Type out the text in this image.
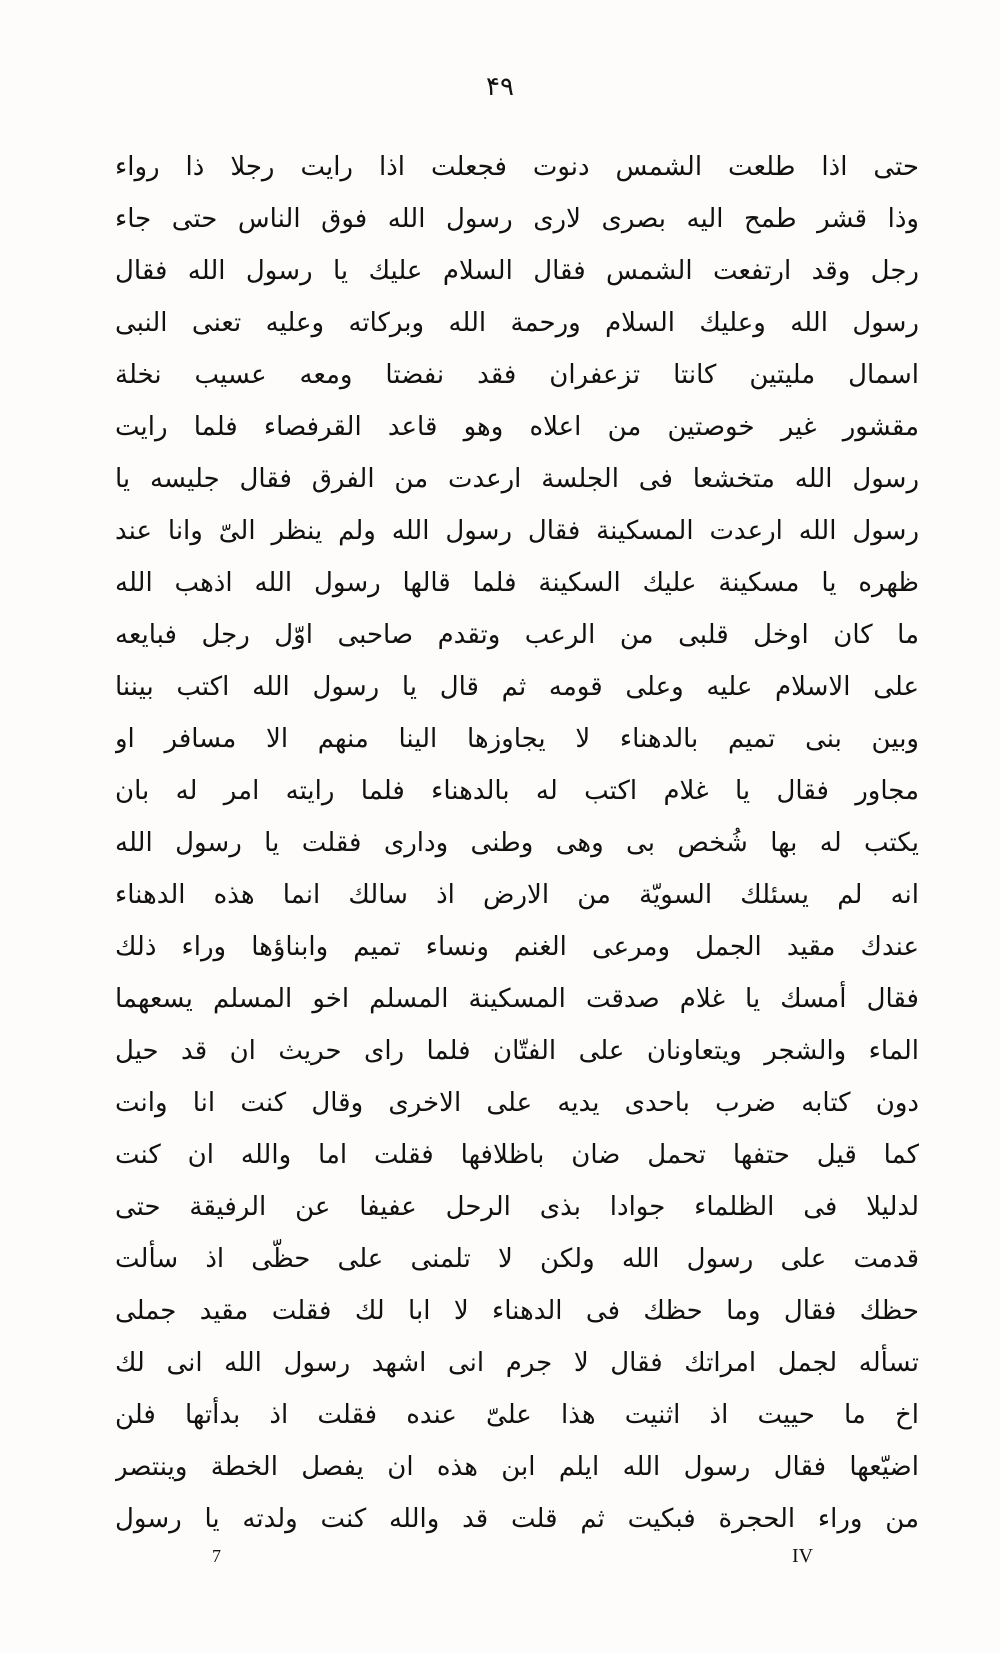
۴۹
حتى اذا طلعت الشمس دنوت فجعلت اذا رايت رجلا ذا رواء
وذا قشر طمح اليه بصرى لارى رسول الله فوق الناس حتى جاء
رجل وقد ارتفعت الشمس فقال السلام عليك يا رسول الله فقال
رسول الله وعليك السلام ورحمة الله وبركاته وعليه تعنى النبى
اسمال مليتين كانتا تزعفران فقد نفضتا ومعه عسيب نخلة
مقشور غير خوصتين من اعلاه وهو قاعد القرفصاء فلما رايت
رسول الله متخشعا فى الجلسة ارعدت من الفرق فقال جليسه يا
رسول الله ارعدت المسكينة فقال رسول الله ولم ينظر الىّ وانا عند
ظهره يا مسكينة عليك السكينة فلما قالها رسول الله اذهب الله
ما كان اوخل قلبى من الرعب وتقدم صاحبى اوّل رجل فبايعه
على الاسلام عليه وعلى قومه ثم قال يا رسول الله اكتب بيننا
وبين بنى تميم بالدهناء لا يجاوزها الينا منهم الا مسافر او
مجاور فقال يا غلام اكتب له بالدهناء فلما رايته امر له بان
يكتب له بها شُخص بى وهى وطنى ودارى فقلت يا رسول الله
انه لم يسئلك السويّة من الارض اذ سالك انما هذه الدهناء
عندك مقيد الجمل ومرعى الغنم ونساء تميم وابناؤها وراء ذلك
فقال أمسك يا غلام صدقت المسكينة المسلم اخو المسلم يسعهما
الماء والشجر ويتعاونان على الفتّان فلما راى حريث ان قد حيل
دون كتابه ضرب باحدى يديه على الاخرى وقال كنت انا وانت
كما قيل حتفها تحمل ضان باظلافها فقلت اما والله ان كنت
لدليلا فى الظلماء جوادا بذى الرحل عفيفا عن الرفيقة حتى
قدمت على رسول الله ولكن لا تلمنى على حظّى اذ سألت
حظك فقال وما حظك فى الدهناء لا ابا لك فقلت مقيد جملى
تسأله لجمل امراتك فقال لا جرم انى اشهد رسول الله انى لك
اخ ما حييت اذ اثنيت هذا علىّ عنده فقلت اذ بدأتها فلن
اضيّعها فقال رسول الله ايلم ابن هذه ان يفصل الخطة وينتصر
من وراء الحجرة فبكيت ثم قلت قد والله كنت ولدته يا رسول
7	IV
